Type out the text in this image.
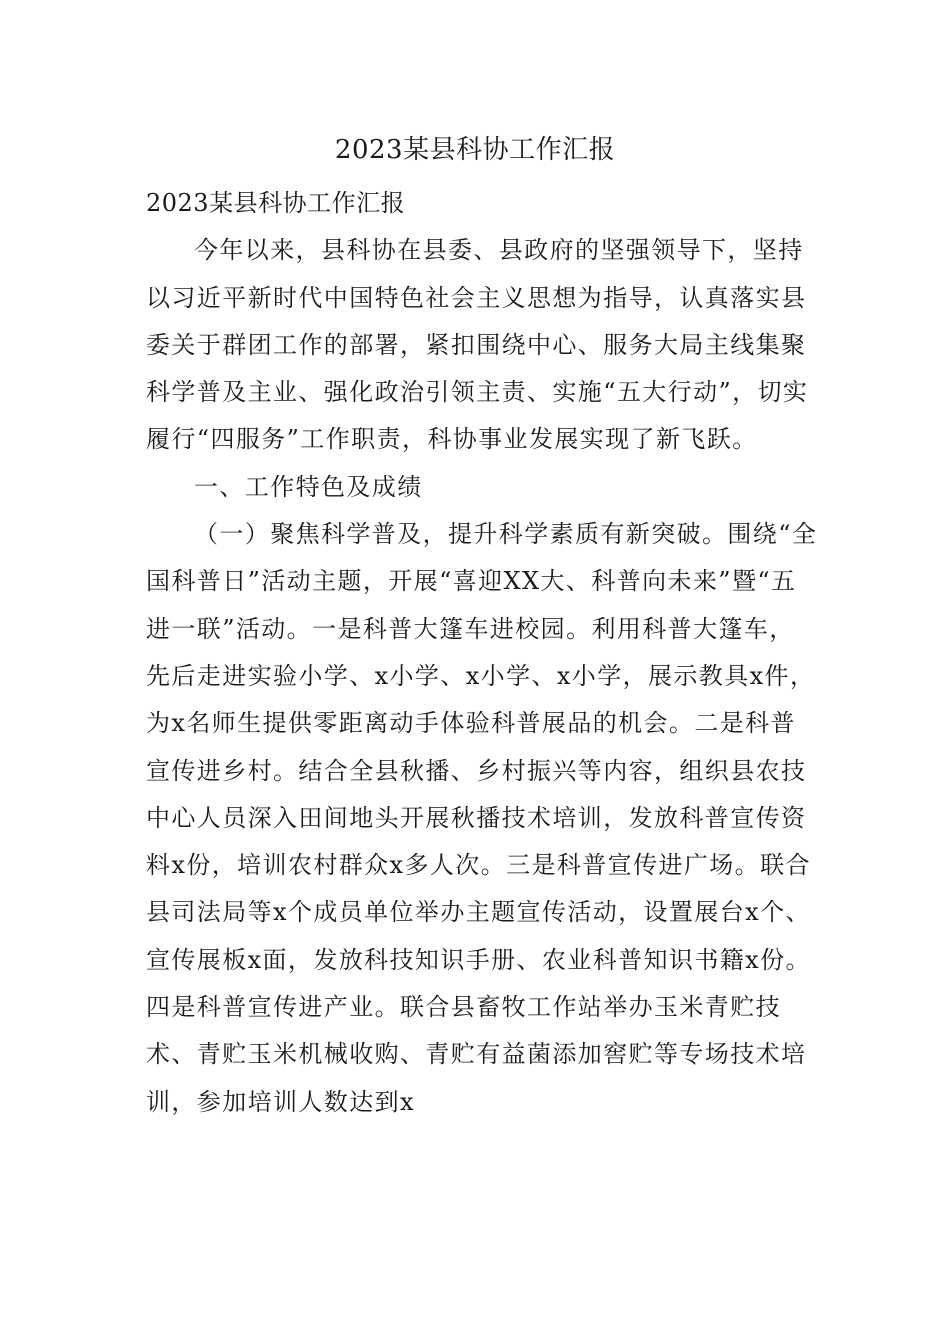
2023某县科协工作汇报

2023某县科协工作汇报

今年以来，县科协在县委、县政府的坚强领导下，坚持以习近平新时代中国特色社会主义思想为指导，认真落实县委关于群团工作的部署，紧扣围绕中心、服务大局主线集聚科学普及主业、强化政治引领主责、实施“五大行动”，切实履行“四服务”工作职责，科协事业发展实现了新飞跃。

一、工作特色及成绩

（一）聚焦科学普及，提升科学素质有新突破。围绕“全国科普日”活动主题，开展“喜迎XX大、科普向未来”暨“五进一联”活动。一是科普大篷车进校园。利用科普大篷车，先后走进实验小学、x小学、x小学、x小学，展示教具x件，为x名师生提供零距离动手体验科普展品的机会。二是科普宣传进乡村。结合全县秋播、乡村振兴等内容，组织县农技中心人员深入田间地头开展秋播技术培训，发放科普宣传资料x份，培训农村群众x多人次。三是科普宣传进广场。联合县司法局等x个成员单位举办主题宣传活动，设置展台x个、宣传展板x面，发放科技知识手册、农业科普知识书籍x份。四是科普宣传进产业。联合县畜牧工作站举办玉米青贮技术、青贮玉米机械收购、青贮有益菌添加窖贮等专场技术培训，参加培训人数达到x
